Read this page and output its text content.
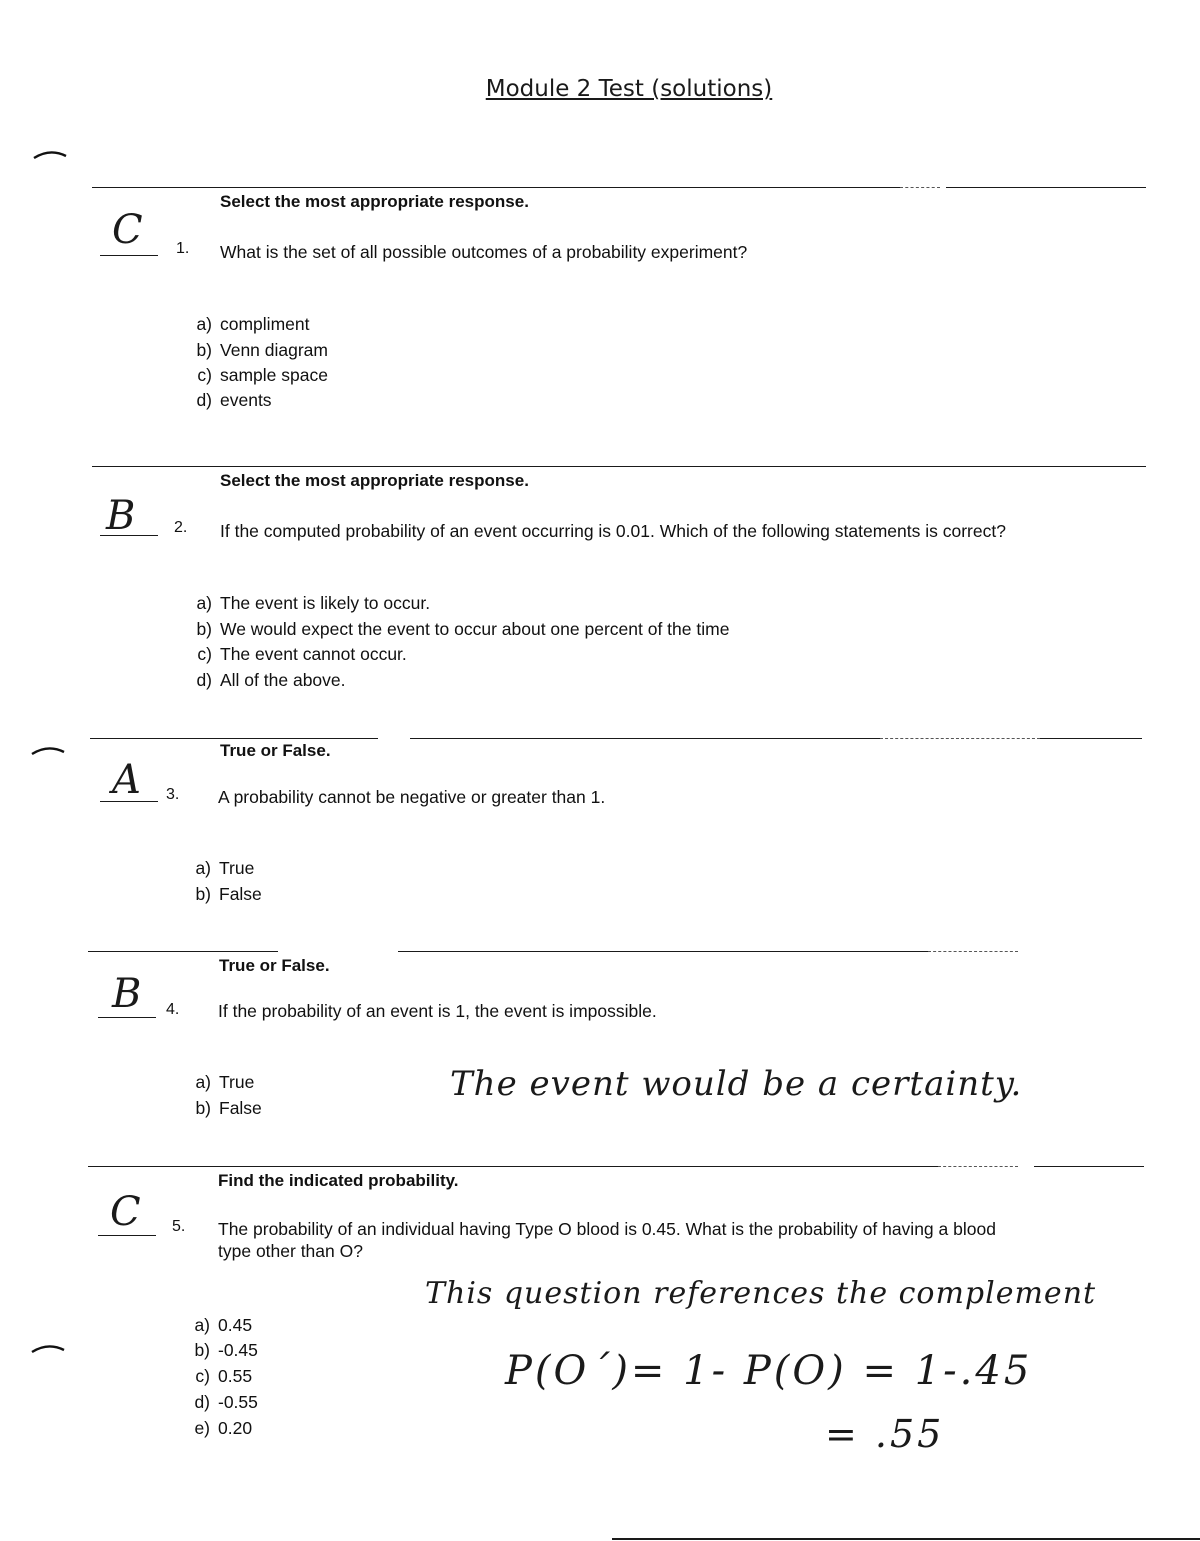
Module 2 Test (solutions)
Select the most appropriate response.
C 1. What is the set of all possible outcomes of a probability experiment?
a) compliment
b) Venn diagram
c) sample space
d) events
Select the most appropriate response.
B 2. If the computed probability of an event occurring is 0.01. Which of the following statements is correct?
a) The event is likely to occur.
b) We would expect the event to occur about one percent of the time
c) The event cannot occur.
d) All of the above.
True or False.
A 3. A probability cannot be negative or greater than 1.
a) True
b) False
True or False.
B 4. If the probability of an event is 1, the event is impossible.
a) True
b) False
The event would be a certainty.
Find the indicated probability.
C 5. The probability of an individual having Type O blood is 0.45. What is the probability of having a blood
type other than O?
a) 0.45
b) -0.45
c) 0.55
d) -0.55
e) 0.20
This question references the complement
P(O´)= 1- P(O) = 1-.45
= .55
